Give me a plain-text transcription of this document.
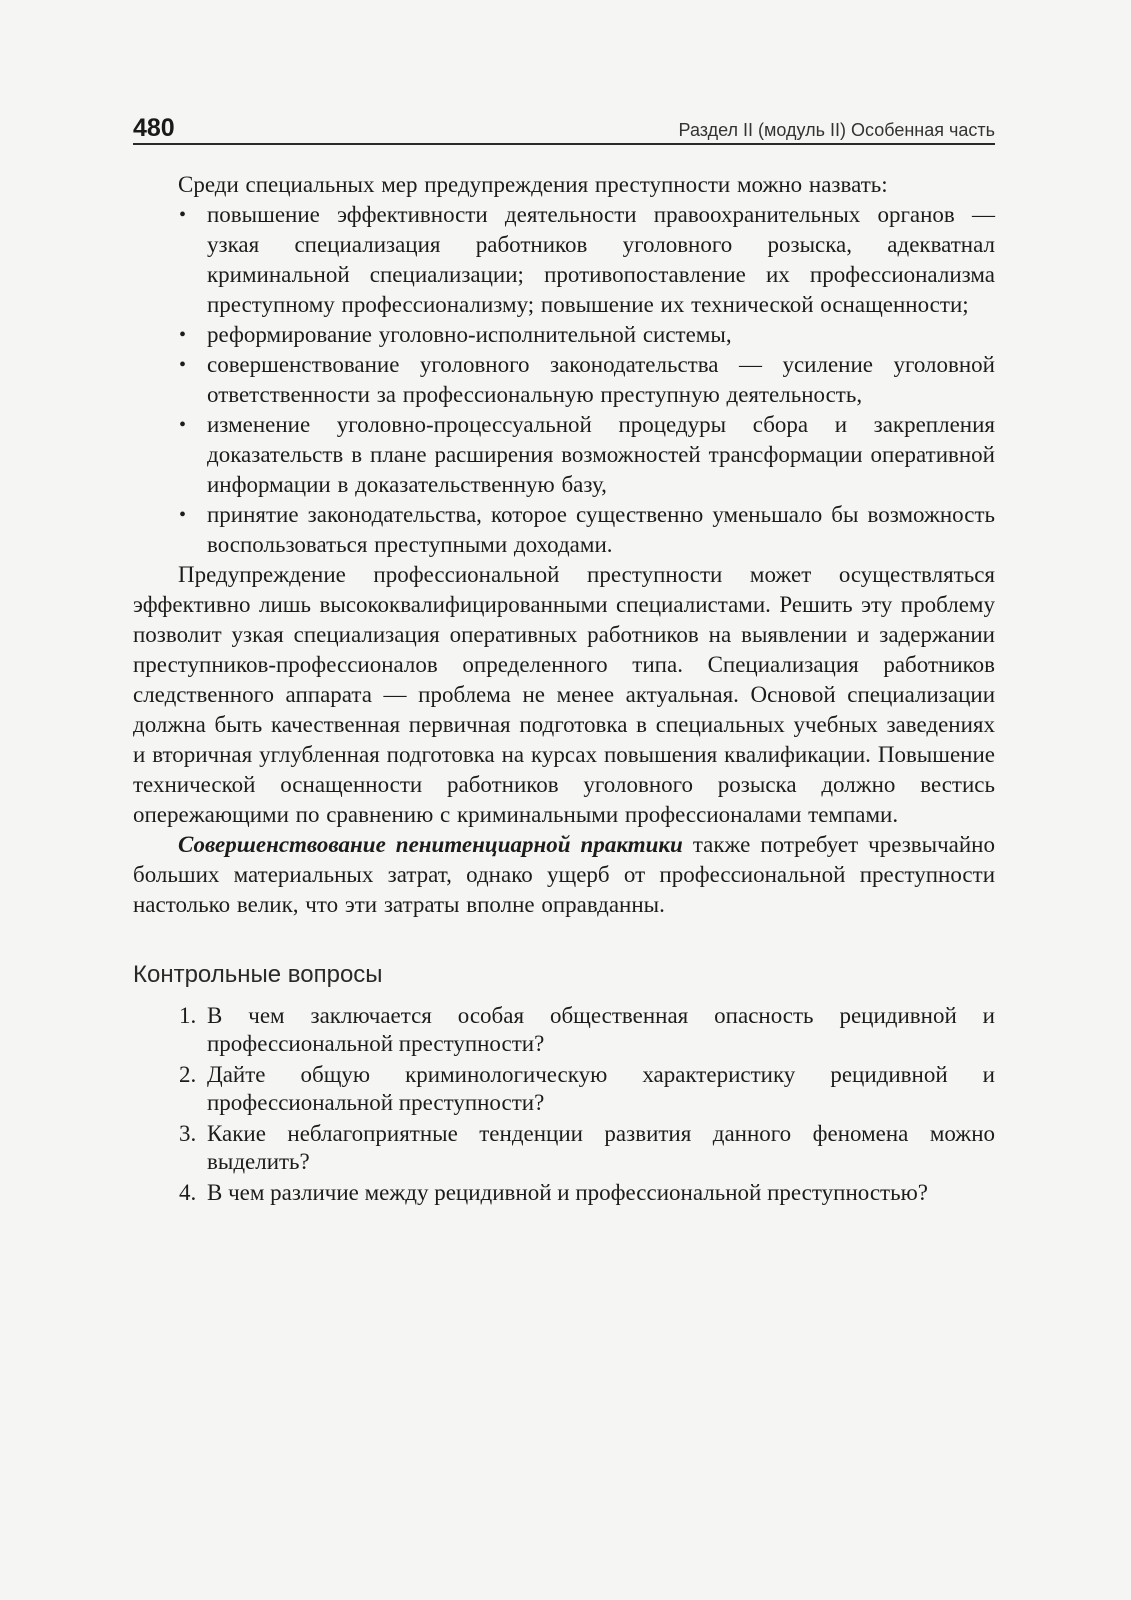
480	Раздел II (модуль II) Особенная часть

Среди специальных мер предупреждения преступности можно назвать:

• повышение эффективности деятельности правоохранительных органов — узкая специализация работников уголовного розыска, адекватнал криминальной специализации; противопоставление их профессионализма преступному профессионализму; повышение их технической оснащенности;
• реформирование уголовно-исполнительной системы,
• совершенствование уголовного законодательства — усиление уголовной ответственности за профессиональную преступную деятельность,
• изменение уголовно-процессуальной процедуры сбора и закрепления доказательств в плане расширения возможностей трансформации оперативной информации в доказательственную базу,
• принятие законодательства, которое существенно уменьшало бы возможность воспользоваться преступными доходами.

Предупреждение профессиональной преступности может осуществляться эффективно лишь высококвалифицированными специалистами. Решить эту проблему позволит узкая специализация оперативных работников на выявлении и задержании преступников-профессионалов определенного типа. Специализация работников следственного аппарата — проблема не менее актуальная. Основой специализации должна быть качественная первичная подготовка в специальных учебных заведениях и вторичная углубленная подготовка на курсах повышения квалификации. Повышение технической оснащенности работников уголовного розыска должно вестись опережающими по сравнению с криминальными профессионалами темпами.

Совершенствование пенитенциарной практики также потребует чрезвычайно больших материальных затрат, однако ущерб от профессиональной преступности настолько велик, что эти затраты вполне оправданны.

Контрольные вопросы
1. В чем заключается особая общественная опасность рецидивной и профессиональной преступности?
2. Дайте общую криминологическую характеристику рецидивной и профессиональной преступности?
3. Какие неблагоприятные тенденции развития данного феномена можно выделить?
4. В чем различие между рецидивной и профессиональной преступностью?
